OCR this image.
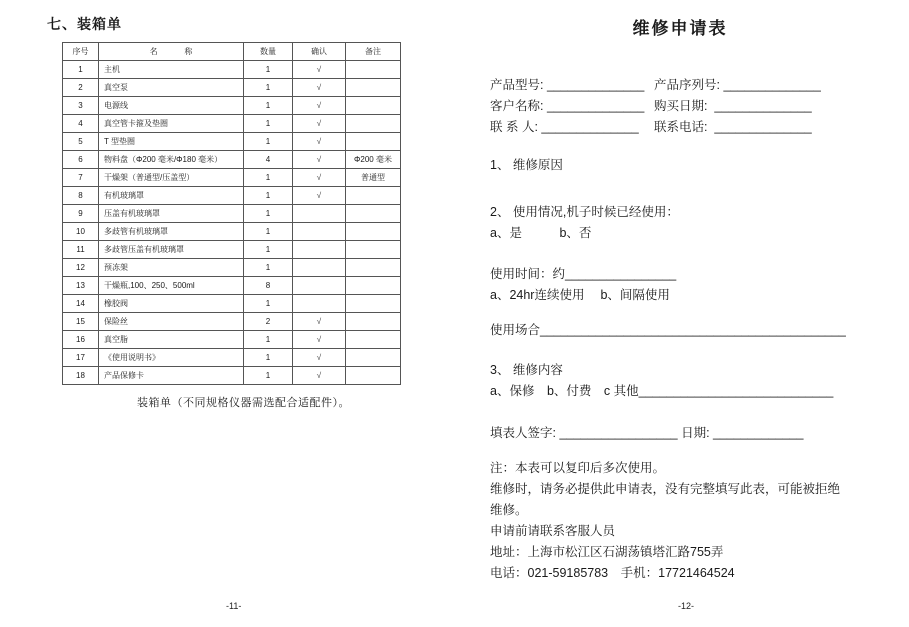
七、装箱单
序号	名            称	数量	确认	备注
1	主机	1	√	
2	真空泵	1	√	
3	电源线	1	√	
4	真空管卡箍及垫圈	1	√	
5	T 型垫圈	1	√	
6	物料盘（Φ200 毫米/Φ180 毫米）	4	√	Φ200 毫米
7	干燥架（普通型/压盖型）	1	√	普通型
8	有机玻璃罩	1	√	
9	压盖有机玻璃罩	1		
10	多歧管有机玻璃罩	1		
11	多歧管压盖有机玻璃罩	1		
12	预冻架	1		
13	干燥瓶,100、250、500ml	8		
14	橡胶阀	1		
15	保险丝	2	√	
16	真空脂	1	√	
17	《使用说明书》	1	√	
18	产品保修卡	1	√	
装箱单（不同规格仪器需选配合适配件）。
维修申请表
产品型号: ______________ 产品序列号: ______________
客户名称: ______________ 购买日期:  ______________
联 系 人: ______________	联系电话:  ______________
1、 维修原因
2、 使用情况,机子时候已经使用：
a、是　　　b、否
使用时间：约________________
a、24hr连续使用　 b、间隔使用
使用场合____________________________________________
3、 维修内容
a、保修　b、付费　c 其他____________________________
填表人签字: _________________ 日期: _____________
注：本表可以复印后多次使用。
维修时，请务必提供此申请表，没有完整填写此表，可能被拒绝
维修。
申请前请联系客服人员
地址：上海市松江区石湖荡镇塔汇路755弄
电话：021-59185783　手机：17721464524
-11-	-12-
